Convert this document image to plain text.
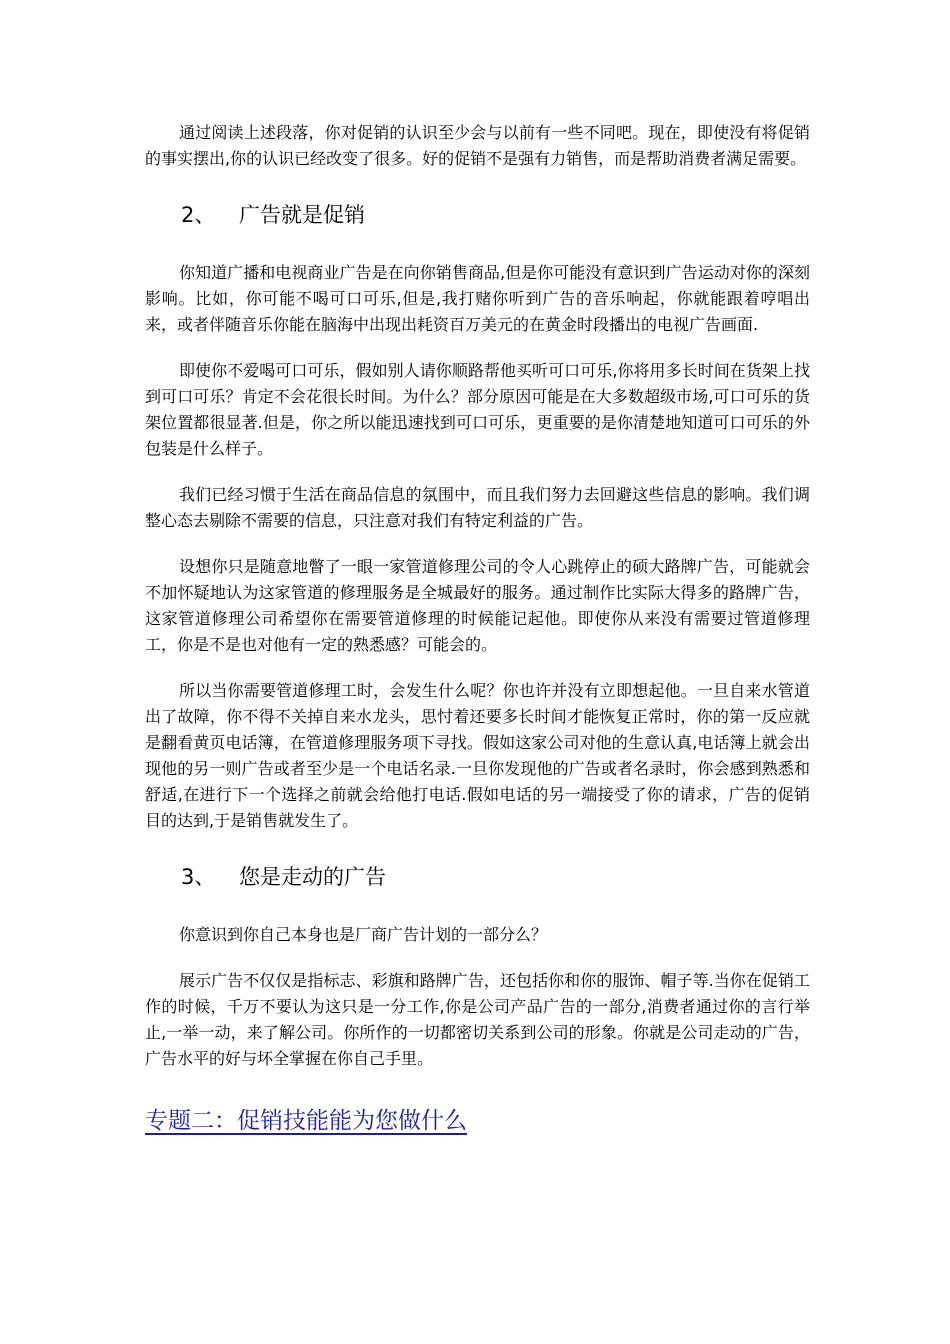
通过阅读上述段落，你对促销的认识至少会与以前有一些不同吧。现在，即使没有将促销的事实摆出,你的认识已经改变了很多。好的促销不是强有力销售，而是帮助消费者满足需要。

2、	广告就是促销

你知道广播和电视商业广告是在向你销售商品,但是你可能没有意识到广告运动对你的深刻影响。比如，你可能不喝可口可乐,但是,我打赌你听到广告的音乐响起，你就能跟着哼唱出来，或者伴随音乐你能在脑海中出现出耗资百万美元的在黄金时段播出的电视广告画面.

即使你不爱喝可口可乐，假如别人请你顺路帮他买听可口可乐,你将用多长时间在货架上找到可口可乐？肯定不会花很长时间。为什么？部分原因可能是在大多数超级市场,可口可乐的货架位置都很显著.但是，你之所以能迅速找到可口可乐，更重要的是你清楚地知道可口可乐的外包装是什么样子。

我们已经习惯于生活在商品信息的氛围中，而且我们努力去回避这些信息的影响。我们调整心态去剔除不需要的信息，只注意对我们有特定利益的广告。

设想你只是随意地瞥了一眼一家管道修理公司的令人心跳停止的硕大路牌广告，可能就会不加怀疑地认为这家管道的修理服务是全城最好的服务。通过制作比实际大得多的路牌广告，这家管道修理公司希望你在需要管道修理的时候能记起他。即使你从来没有需要过管道修理工，你是不是也对他有一定的熟悉感？可能会的。

所以当你需要管道修理工时，会发生什么呢？你也许并没有立即想起他。一旦自来水管道出了故障，你不得不关掉自来水龙头，思忖着还要多长时间才能恢复正常时，你的第一反应就是翻看黄页电话簿，在管道修理服务项下寻找。假如这家公司对他的生意认真,电话簿上就会出现他的另一则广告或者至少是一个电话名录.一旦你发现他的广告或者名录时，你会感到熟悉和舒适,在进行下一个选择之前就会给他打电话.假如电话的另一端接受了你的请求，广告的促销目的达到,于是销售就发生了。

3、	您是走动的广告

你意识到你自己本身也是厂商广告计划的一部分么？

展示广告不仅仅是指标志、彩旗和路牌广告，还包括你和你的服饰、帽子等.当你在促销工作的时候，千万不要认为这只是一分工作,你是公司产品广告的一部分,消费者通过你的言行举止,一举一动，来了解公司。你所作的一切都密切关系到公司的形象。你就是公司走动的广告，广告水平的好与坏全掌握在你自己手里。

专题二：促销技能能为您做什么
